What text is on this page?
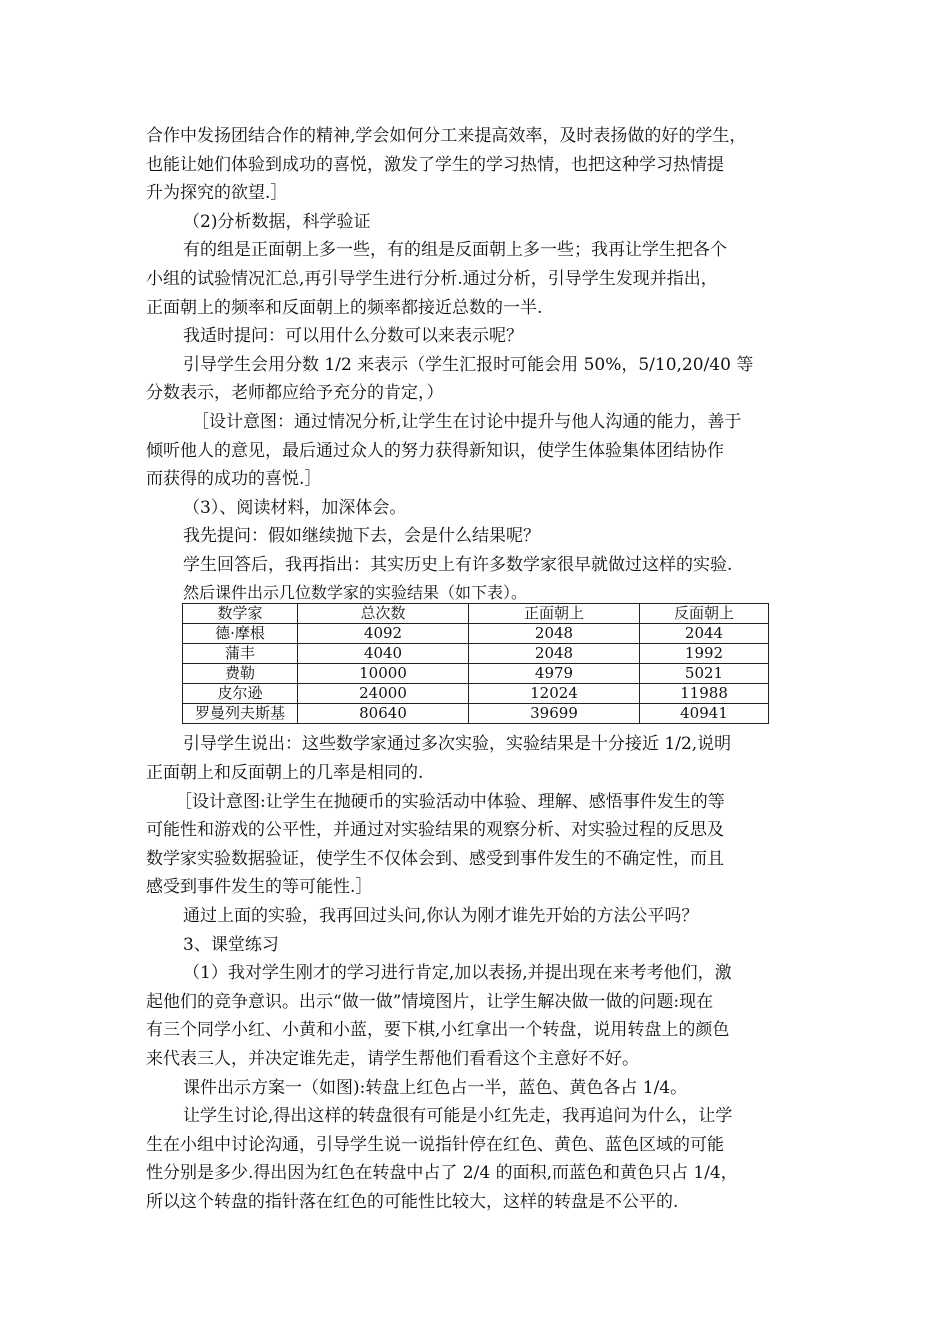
合作中发扬团结合作的精神,学会如何分工来提高效率，及时表扬做的好的学生，
也能让她们体验到成功的喜悦，激发了学生的学习热情，也把这种学习热情提
升为探究的欲望.］
（2)分析数据，科学验证
有的组是正面朝上多一些，有的组是反面朝上多一些；我再让学生把各个
小组的试验情况汇总,再引导学生进行分析.通过分析，引导学生发现并指出，
正面朝上的频率和反面朝上的频率都接近总数的一半.
我适时提问：可以用什么分数可以来表示呢？
引导学生会用分数 1/2 来表示（学生汇报时可能会用 50%，5/10,20/40 等
分数表示，老师都应给予充分的肯定，）
［设计意图：通过情况分析,让学生在讨论中提升与他人沟通的能力，善于
倾听他人的意见，最后通过众人的努力获得新知识，使学生体验集体团结协作
而获得的成功的喜悦.］
（3）、阅读材料，加深体会。
我先提问：假如继续抛下去，会是什么结果呢？
学生回答后，我再指出：其实历史上有许多数学家很早就做过这样的实验.
然后课件出示几位数学家的实验结果（如下表）。
数学家	总次数	正面朝上	反面朝上
德·摩根	4092	2048	2044
蒲丰	4040	2048	1992
费勒	10000	4979	5021
皮尔逊	24000	12024	11988
罗曼列夫斯基	80640	39699	40941
引导学生说出：这些数学家通过多次实验，实验结果是十分接近 1/2,说明
正面朝上和反面朝上的几率是相同的.
［设计意图:让学生在抛硬币的实验活动中体验、理解、感悟事件发生的等
可能性和游戏的公平性，并通过对实验结果的观察分析、对实验过程的反思及
数学家实验数据验证，使学生不仅体会到、感受到事件发生的不确定性，而且
感受到事件发生的等可能性.］
通过上面的实验，我再回过头问,你认为刚才谁先开始的方法公平吗？
3、课堂练习
（1）我对学生刚才的学习进行肯定,加以表扬,并提出现在来考考他们，激
起他们的竞争意识。出示“做一做”情境图片，让学生解决做一做的问题:现在
有三个同学小红、小黄和小蓝，要下棋,小红拿出一个转盘，说用转盘上的颜色
来代表三人，并决定谁先走，请学生帮他们看看这个主意好不好。
课件出示方案一（如图):转盘上红色占一半，蓝色、黄色各占 1/4。
让学生讨论,得出这样的转盘很有可能是小红先走，我再追问为什么，让学
生在小组中讨论沟通，引导学生说一说指针停在红色、黄色、蓝色区域的可能
性分别是多少.得出因为红色在转盘中占了 2/4 的面积,而蓝色和黄色只占 1/4，
所以这个转盘的指针落在红色的可能性比较大，这样的转盘是不公平的.
